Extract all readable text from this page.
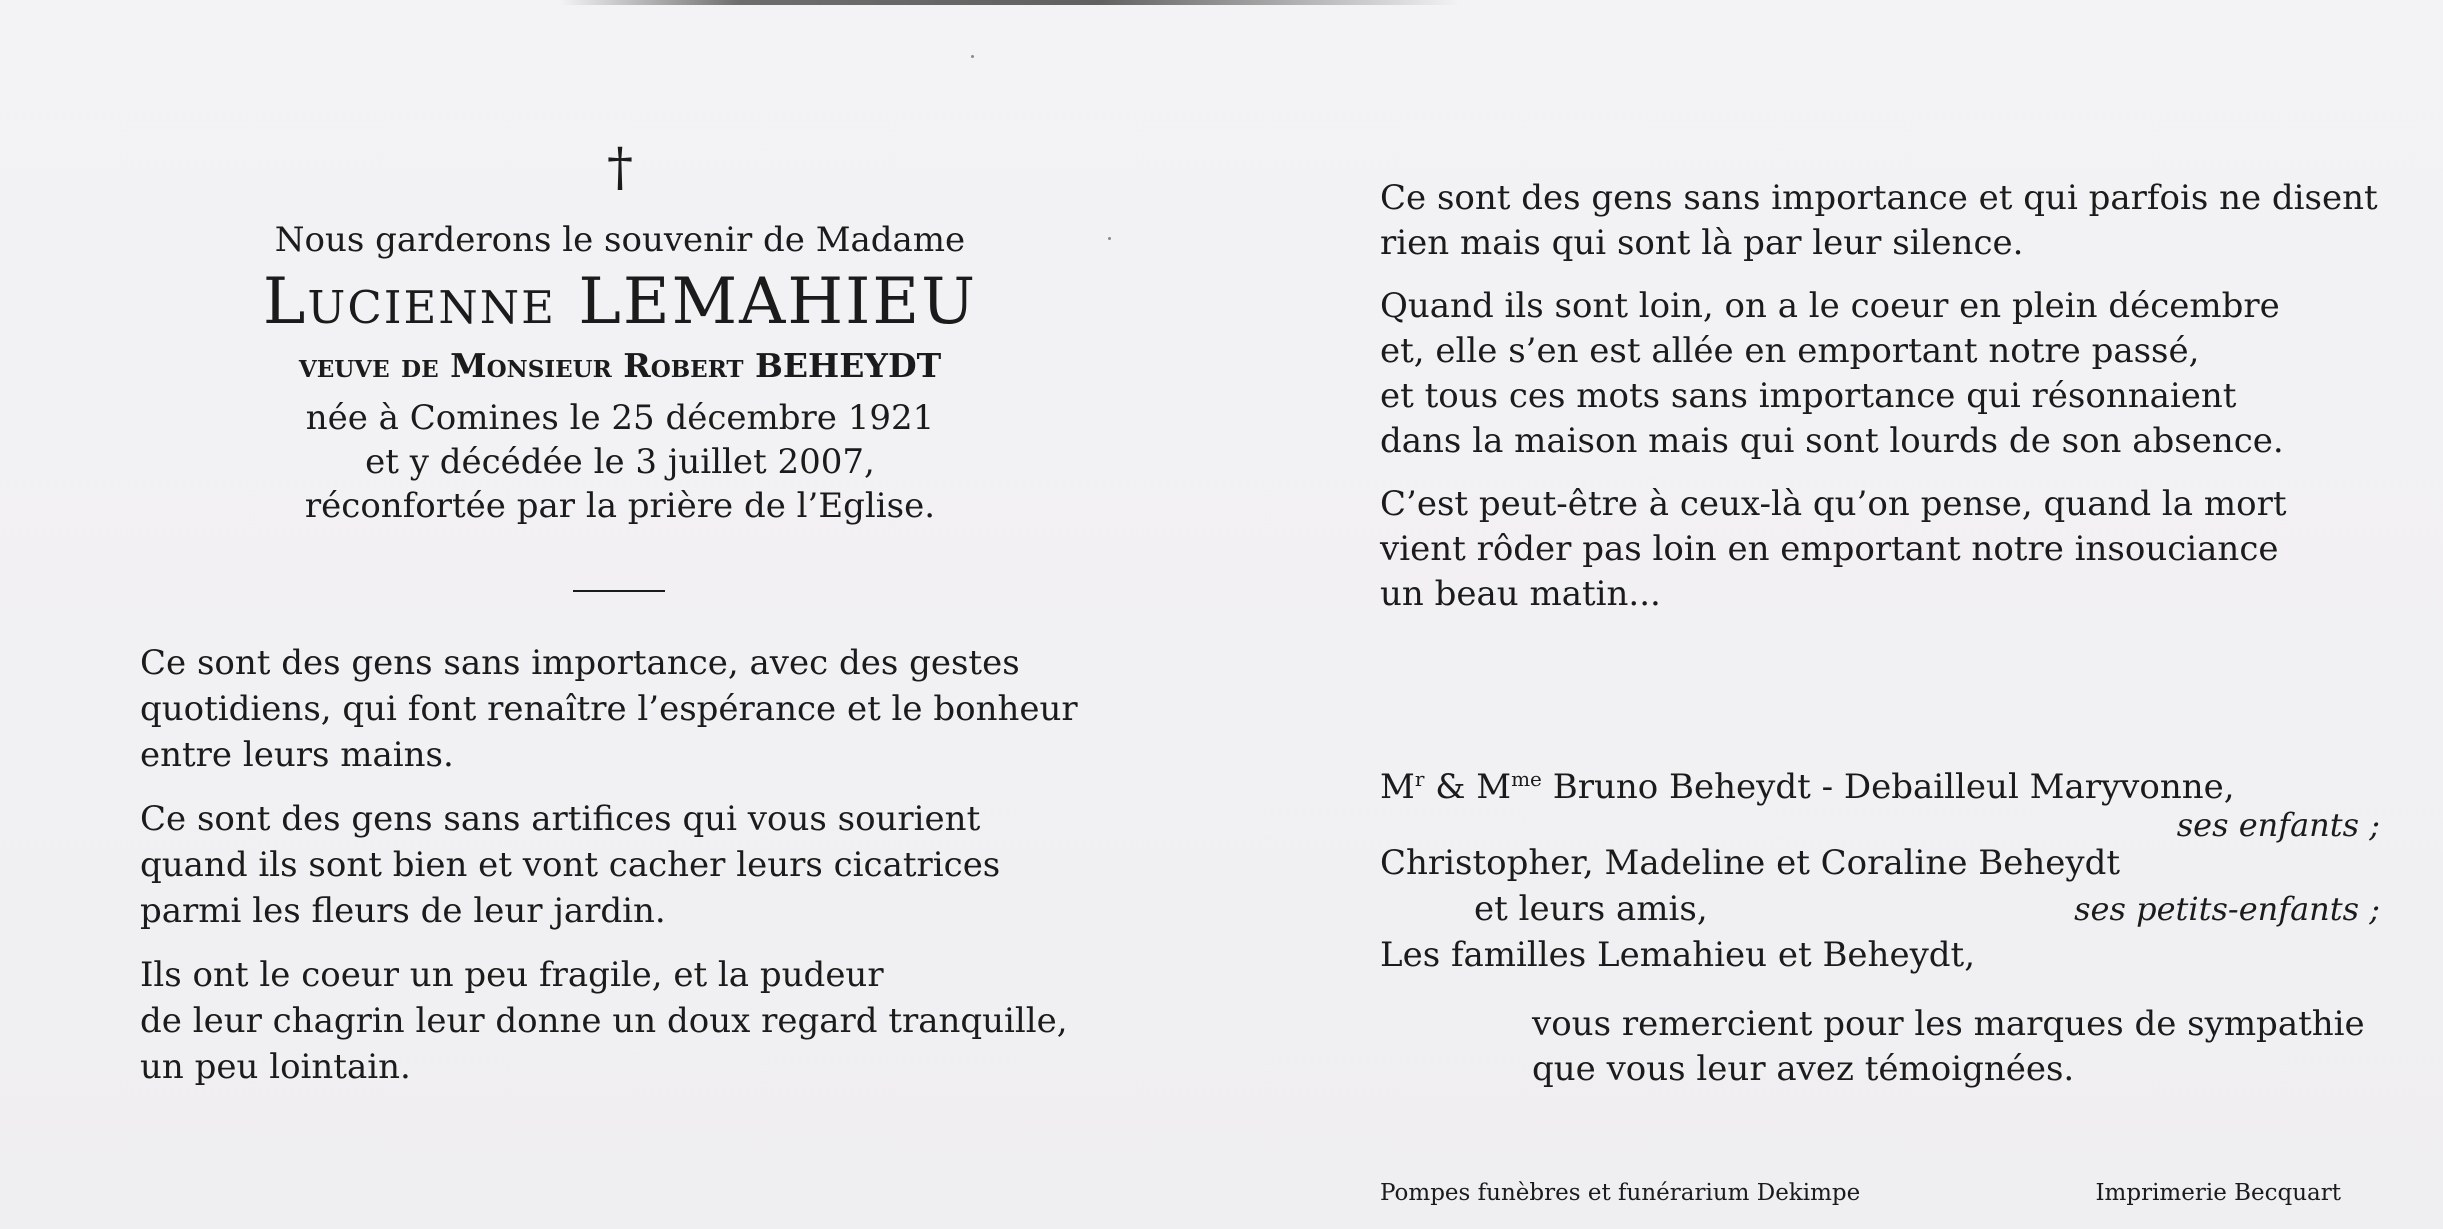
†
Nous garderons le souvenir de Madame
Lucienne LEMAHIEU
veuve de Monsieur Robert BEHEYDT
née à Comines le 25 décembre 1921
et y décédée le 3 juillet 2007,
réconfortée par la prière de l’Eglise.

Ce sont des gens sans importance, avec des gestes

quotidiens, qui font renaître l’espérance et le bonheur

entre leurs mains.

Ce sont des gens sans artifices qui vous sourient

quand ils sont bien et vont cacher leurs cicatrices

parmi les fleurs de leur jardin.

Ils ont le coeur un peu fragile, et la pudeur

de leur chagrin leur donne un doux regard tranquille,

un peu lointain.

Ce sont des gens sans importance et qui parfois ne disent

rien mais qui sont là par leur silence.

Quand ils sont loin, on a le coeur en plein décembre

et, elle s’en est allée en emportant notre passé,

et tous ces mots sans importance qui résonnaient

dans la maison mais qui sont lourds de son absence.

C’est peut-être à ceux-là qu’on pense, quand la mort

vient rôder pas loin en emportant notre insouciance

un beau matin...

$M^r$ & $M^{me}$ Bruno Beheydt - Debailleul Maryvonne,
ses enfants ;
Christopher, Madeline et Coraline Beheydt
et leurs amis,	ses petits-enfants ;
Les familles Lemahieu et Beheydt,

vous remercient pour les marques de sympathie

que vous leur avez témoignées.

Pompes funèbres et funérarium Dekimpe	Imprimerie Becquart
